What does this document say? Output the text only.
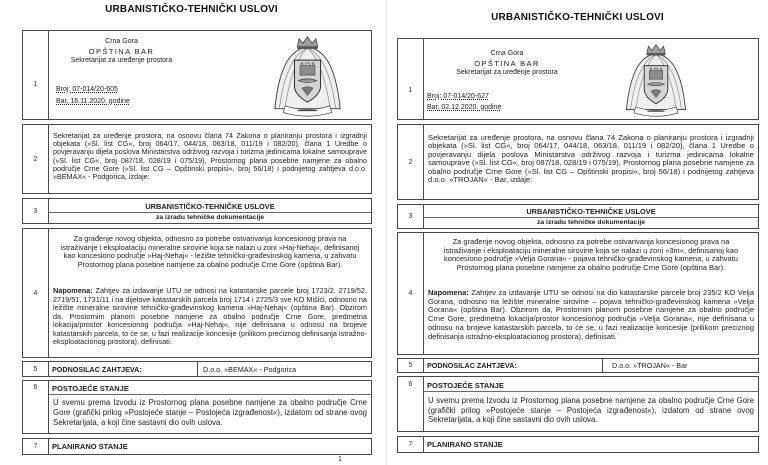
URBANISTIČKO-TEHNIČKI USLOVI
1
Crna Gora
OPŠTINA BAR
Sekretarijat za uređenje prostora
Broj: 07-014/20-605
Bar, 16.11.2020. godine
2

Sekretarijat za uređenje prostora, na osnovu člana 74 Zakona o planiranju prostora i izgradnji objekata (»Sl. list CG«, broj 064/17, 044/18, 063/18, 011/19 i 082/20), člana 1 Uredbe o povjeravanju dijela poslova Ministarstva održivog razvoja i turizma jedinicama lokalne samouprave (»Sl. list CG«, broj 087/18, 028/19 i 075/19), Prostornog plana posebne namjene za obalno područje Crne Gore (»Sl. list CG – Opštinski propisi«, broj 56/18) i podnijetog zahtjeva d.o.o. »BEMAX« - Podgorica, izdaje:

3	URBANISTIČKO-TEHNIČKE USLOVE
za izradu tehničke dokumentacije
4

Za građenje novog objekta, odnosno za potrebe ostvarivanja koncesionog prava na istraživanje i eksploataciju mineralne sirovine koja se nalazi u zoni »Haj-Nehaj«, definisanoj kao koncesiono područje »Haj-Nehaj« - ležište tehničko-građevinskog kamena, u zahvatu Prostornog plana posebne namjene za obalno područje Crne Gore (opština Bar).

Napomena: Zahtjev za izdavanje UTU se odnosi na katastarske parcele broj 1723/2, 2719/52, 2719/51, 1731/11 i na dijelove katastarskih parcela broj 1714 i 2725/3 sve KO Mišići, odnosno na ležište mineralne sirovine tehničko-građevinskog kamena »Haj-Nehaj« (opština Bar). Obzirom da, Prostornim planom posebne namjene za obalno područje Crne Gore, predmetna lokacija/prostor koncesionog područja »Haj-Nehaj«, nije definisana u odnosu na brojeve katastarskih parcela, to će se, u fazi realizacije koncesije (prilikom preciznog definisanja istražno-eksploatacionog prostora), definisati.

5	PODNOSILAC ZAHTJEVA:	D.o.o. »BEMAX« - Podgorica
6	POSTOJEĆE STANJE

U svemu prema Izvodu iz Prostornog plana posebne namjene za obalno područje Crne Gore (grafički prilog »Postojeće stanje – Postojeća izgrađenost«), izdatom od strane ovog Sekretarijata, a koji čine sastavni dio ovih uslova.

7	PLANIRANO STANJE
1
URBANISTIČKO-TEHNIČKI USLOVI
1
Crna Gora
OPŠTINA BAR
Sekretarijat za uređenje prostora
Broj: 07-014/20-627
Bar, 02.12.2020. godine
2

Sekretarijat za uređenje prostora, na osnovu člana 74 Zakona o planiranju prostora i izgradnji objekata (»Sl. list CG«, broj 064/17, 044/18, 063/18, 011/19 i 082/20), člana 1 Uredbe o povjeravanju dijela poslova Ministarstva održivog razvoja i turizma jedinicama lokalne samouprave (»Sl. list CG«, broj 087/18, 028/19 i 075/19), Prostornog plana posebne namjene za obalno područje Crne Gore (»Sl. list CG – Opštinski propisi«, broj 56/18) i podnijetog zahtjeva d.o.o. »TROJAN« - Bar, izdaje:

3
URBANISTIČKO-TEHNIČKE USLOVE
za izradu tehničke dokumentacije
4

Za građenje novog objekta, odnosno za potrebe ostvarivanja koncesionog prava na istraživanje i eksploataciju mineralne sirovine koja se nalazi u zoni »3m«, definisanoj kao koncesiono područje »Velja Gorana« - pojava tehničko-građevinskog kamena, u zahvatu Prostornog plana posebne namjene za obalno područje Crne Gore (opština Bar).

Napomena: Zahtjev za izdavanje UTU se odnosi na dio katastarske parcele broj 235/2 KO Velja Gorana, odnosno na ležište mineralne sirovine – pojava tehničko-građevinskog kamena »Velja Gorana« (opština Bar). Obzirom da, Prostornim planom posebne namjene za obalno područje Crne Gore, predmetna lokacija/prostor koncesionog područja »Velja Gorana«, nije definisana u odnosu na brojeve katastarskih parcela, to će se, u fazi realizacije koncesije (prilikom preciznog definisanja istražno-eksploatacionog prostora), definisati.

5	PODNOSILAC ZAHTJEVA:	D.o.o. »TROJAN« - Bar
6	POSTOJEĆE STANJE

U svemu prema Izvodu iz Prostornog plana posebne namjene za obalno područje Crne Gore (grafički prilog »Postojeće stanje – Postojeća izgrađenost«), izdatom od strane ovog Sekretarijata, a koji čine sastavni dio ovih uslova.

7	PLANIRANO STANJE
